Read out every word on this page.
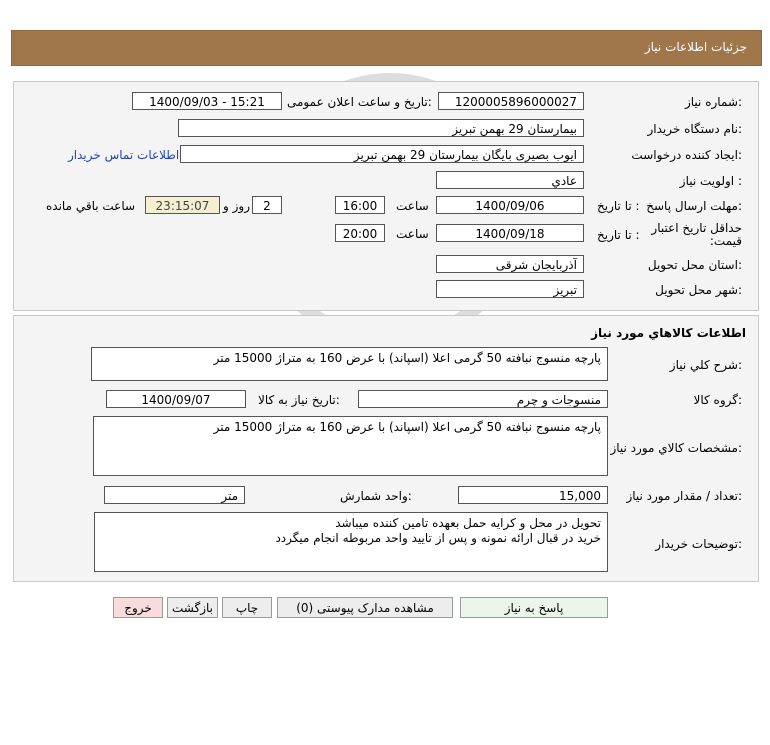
جزئیات اطلاعات نیاز
شماره نیاز:
1200005896000027
تاریخ و ساعت اعلان عمومی:
1400/09/03 - 15:21
نام دستگاه خریدار:
بیمارستان 29 بهمن تبریز
ایجاد کننده درخواست:
ایوب بصیری بایگان بیمارستان 29 بهمن تبریز
اطلاعات تماس خریدار
اولویت نیاز :
عادي
مهلت ارسال پاسخ:
تا تاریخ :
1400/09/06
ساعت
16:00
2
روز و
23:15:07
ساعت باقي مانده
حداقل تاریخ اعتبار قیمت:
تا تاریخ :
1400/09/18
ساعت
20:00
استان محل تحویل:
آذربایجان شرقی
شهر محل تحویل:
تبریز
اطلاعات کالاهاي مورد نياز
شرح کلي نياز:
پارچه منسوج نبافته 50 گرمی اعلا (اسپاند) با عرض 160 به متراژ 15000 متر
گروه کالا:
منسوجات و چرم
تاریخ نیاز به کالا:
1400/09/07
مشخصات کالاي مورد نياز:
پارچه منسوج نبافته 50 گرمی اعلا (اسپاند) با عرض 160 به متراژ 15000 متر
تعداد / مقدار مورد نیاز:
15,000
واحد شمارش:
متر
توضیحات خریدار:
تحویل در محل و کرایه حمل بعهده تامین کننده میباشد
خرید در قبال ارائه نمونه و پس از تایید واحد مربوطه انجام میگردد
پاسخ به نیاز
مشاهده مدارک پیوستی (0)
چاپ
بازگشت
خروج
